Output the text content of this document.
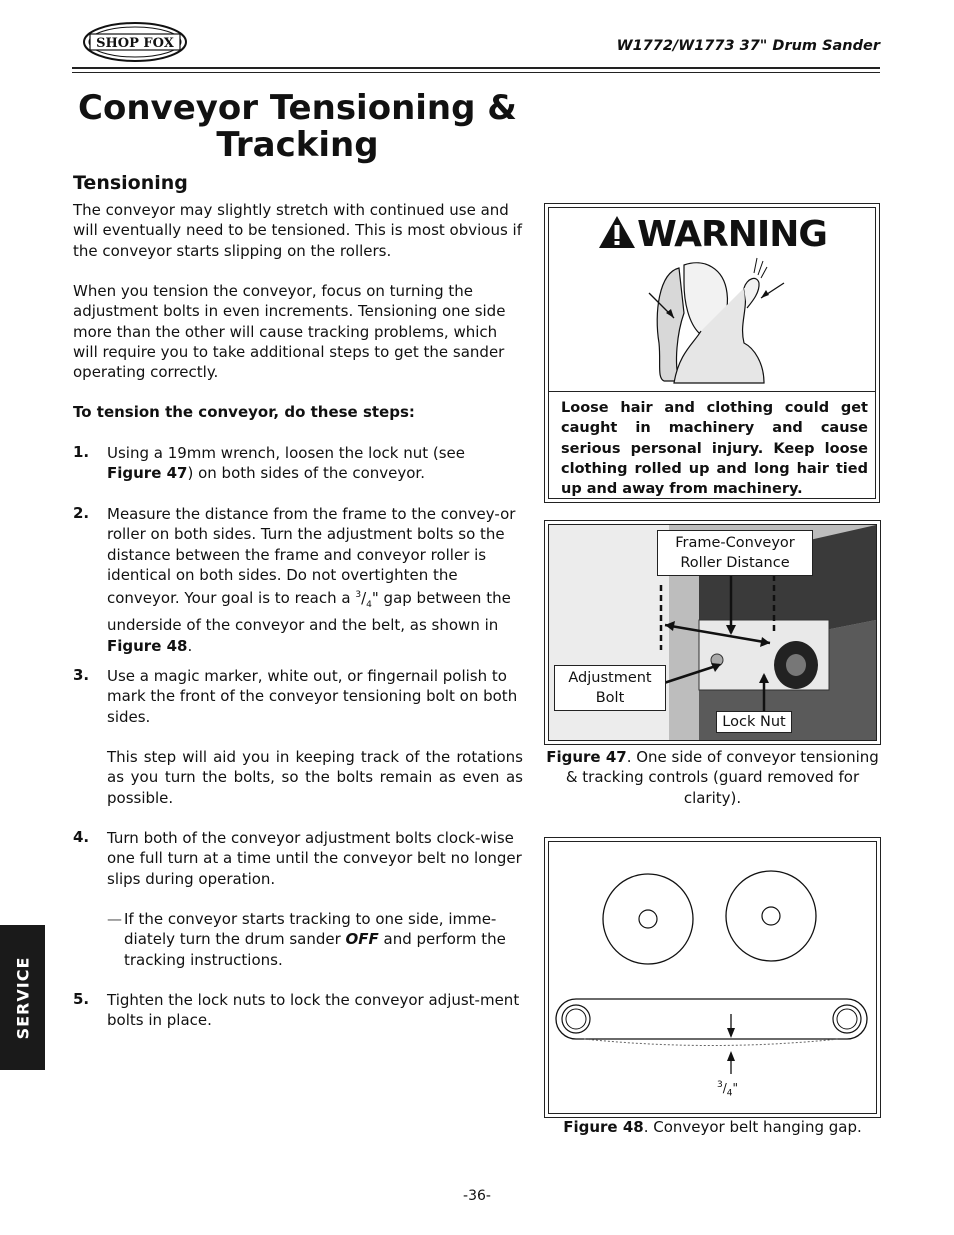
SHOP FOX	W1772/W1773 37" Drum Sander
Conveyor Tensioning &
Tracking
Tensioning
The conveyor may slightly stretch with continued use and will eventually need to be tensioned. This is most obvious if the conveyor starts slipping on the rollers.
When you tension the conveyor, focus on turning the adjustment bolts in even increments. Tensioning one side more than the other will cause tracking problems, which will require you to take additional steps to get the sander operating correctly.
To tension the conveyor, do these steps:
1. Using a 19mm wrench, loosen the lock nut (see
Figure 47) on both sides of the conveyor.
2. Measure the distance from the frame to the convey-or roller on both sides. Turn the adjustment bolts so the distance between the frame and conveyor roller is identical on both sides. Do not overtighten the conveyor. Your goal is to reach a $^3/_4$" gap between the underside of the conveyor and the belt, as shown in Figure 48.
3. Use a magic marker, white out, or fingernail polish to mark the front of the conveyor tensioning bolt on both sides.
This step will aid you in keeping track of the rotations as you turn the bolts, so the bolts remain as even as possible.
4. Turn both of the conveyor adjustment bolts clock-wise one full turn at a time until the conveyor belt no longer slips during operation.
— If the conveyor starts tracking to one side, imme-diately turn the drum sander OFF and perform the tracking instructions.
5. Tighten the lock nuts to lock the conveyor adjust-ment bolts in place.
SERVICE
WARNING
Loose hair and clothing could get caught in machinery and cause serious personal injury. Keep loose clothing rolled up and long hair tied up and away from machinery.
Frame-Conveyor Roller Distance
Adjustment Bolt
Lock Nut
Figure 47. One side of conveyor tensioning & tracking controls (guard removed for clarity).
$^3/_4$"
Figure 48. Conveyor belt hanging gap.
-36-
